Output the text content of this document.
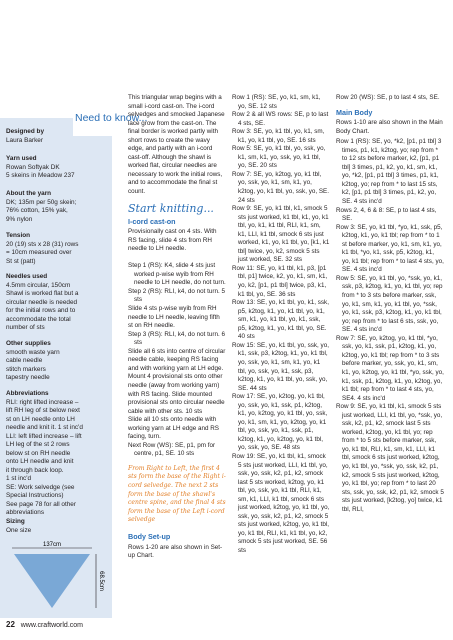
Need to know...
Designed by
Laura Barker
Yarn used
Rowan Softyak DK
5 skeins in Meadow 237
About the yarn
DK; 135m per 50g skein;
76% cotton, 15% yak,
9% nylon
Tension
20 (19) sts x 28 (31) rows
= 10cm measured over
St st (patt)
Needles used
4.5mm circular, 150cm
Shawl is worked flat but a
circular needle is needed
for the initial rows and to
accommodate the total
number of sts
Other supplies
smooth waste yarn
cable needle
stitch markers
tapestry needle
Abbreviations
RLI: right lifted increase –
lift RH leg of st below next
st on LH needle onto LH
needle and knit it. 1 st inc'd
LLI: left lifted increase – lift
LH leg of the st 2 rows
below st on RH needle
onto LH needle and knit
it through back loop.
1 st inc'd
SE: Work selvedge (see
Special Instructions)
See page 78 for all other
abbreviations
Sizing
One size
137cm
68.5cm

This triangular wrap begins with a small i-cord cast-on. The i-cord selvedges and smocked Japanese lace grow from the cast-on. The final border is worked partly with short rows to create the wavy edge, and partly with an i-cord cast-off. Although the shawl is worked flat, circular needles are necessary to work the initial rows, and to accommodate the final st count.

Start knitting...
I-cord cast-on

Provisionally cast on 4 sts. With RS facing, slide 4 sts from RH needle to LH needle.

Step 1 (RS): K4, slide 4 sts just worked p-wise wyib from RH needle to LH needle, do not turn.

Step 2 (RS): RLI, k4, do not turn. 5 sts

Slide 4 sts p-wise wyib from RH needle to LH needle, leaving fifth st on RH needle.

Step 3 (RS): RLI, k4, do not turn. 6 sts

Slide all 6 sts into centre of circular needle cable, keeping RS facing and with working yarn at LH edge. Mount 4 provisional sts onto other needle (away from working yarn) with RS facing. Slide mounted provisional sts onto circular needle cable with other sts. 10 sts

Slide all 10 sts onto needle with working yarn at LH edge and RS facing, turn.

Next Row (WS): SE, p1, pm for centre, p1, SE. 10 sts

From Right to Left, the first 4 sts form the base of the Right i-cord selvedge. The next 2 sts form the base of the shawl's centre spine, and the final 4 sts form the base of the Left i-cord selvedge

Body Set-up

Rows 1-20 are also shown in Set-up Chart.

Row 1 (RS): SE, yo, k1, sm, k1, yo, SE. 12 sts

Row 2 & all WS rows: SE, p to last 4 sts, SE.

Row 3: SE, yo, k1 tbl, yo, k1, sm, k1, yo, k1 tbl, yo, SE. 16 sts

Row 5: SE, yo, k1 tbl, yo, ssk, yo, k1, sm, k1, yo, ssk, yo, k1 tbl, yo, SE. 20 sts

Row 7: SE, yo, k2tog, yo, k1 tbl, yo, ssk, yo, k1, sm, k1, yo, k2tog, yo, k1 tbl, yo, ssk, yo, SE. 24 sts

Row 9: SE, yo, k1 tbl, k1, smock 5 sts just worked, k1 tbl, k1, yo, k1 tbl, yo, k1, k1 tbl, RLI, k1, sm, k1, LLI, k1 tbl, smock 6 sts just worked, k1, yo, k1 tbl, yo, [k1, k1 tbl] twice, yo, k2, smock 5 sts just worked, SE. 32 sts

Row 11: SE, yo, k1 tbl, k1, p3, [p1 tbl, p1] twice, k2, yo, k1, sm, k1, yo, k2, [p1, p1 tbl] twice, p3, k1, k1 tbl, yo, SE. 36 sts

Row 13: SE, yo, k1 tbl, yo, k1, ssk, p5, k2tog, k1, yo, k1 tbl, yo, k1, sm, k1, yo, k1 tbl, yo, k1, ssk, p5, k2tog, k1, yo, k1 tbl, yo, SE. 40 sts

Row 15: SE, yo, k1 tbl, yo, ssk, yo, k1, ssk, p3, k2tog, k1, yo, k1 tbl, yo, ssk, yo, k1, sm, k1, yo, k1 tbl, yo, ssk, yo, k1, ssk, p3, k2tog, k1, yo, k1 tbl, yo, ssk, yo, SE. 44 sts

Row 17: SE, yo, k2tog, yo, k1 tbl, yo, ssk, yo, k1, ssk, p1, k2tog, k1, yo, k2tog, yo, k1 tbl, yo, ssk, yo, k1, sm, k1, yo, k2tog, yo, k1 tbl, yo, ssk, yo, k1, ssk, p1, k2tog, k1, yo, k2tog, yo, k1 tbl, yo, ssk, yo, SE. 48 sts

Row 19: SE, yo, k1 tbl, k1, smock 5 sts just worked, LLI, k1 tbl, yo, ssk, yo, ssk, k2, p1, k2, smock last 5 sts worked, k2tog, yo, k1 tbl, yo, ssk, yo, k1 tbl, RLI, k1, sm, k1, LLI, k1 tbl, smock 6 sts just worked, k2tog, yo, k1 tbl, yo, ssk, yo, ssk, k2, p1, k2, smock 5 sts just worked, k2tog, yo, k1 tbl, yo, k1 tbl, RLI, k1, k1 tbl, yo, k2, smock 5 sts just worked, SE. 56 sts

Row 20 (WS): SE, p to last 4 sts, SE.

Main Body

Rows 1-10 are also shown in the Main Body Chart.

Row 1 (RS): SE, yo, *k2, [p1, p1 tbl] 3 times, p1, k1, k2tog, yo; rep from * to 12 sts before marker, k2, [p1, p1 tbl] 3 times, p1, k2, yo, k1, sm, k1, yo, *k2, [p1, p1 tbl] 3 times, p1, k1, k2tog, yo; rep from * to last 15 sts, k2, [p1, p1 tbl] 3 times, p1, k2, yo, SE. 4 sts inc'd

Rows 2, 4, 6 & 8: SE, p to last 4 sts, SE.

Row 3: SE, yo, k1 tbl, *yo, k1, ssk, p5, k2tog, k1, yo, k1 tbl; rep from * to 1 st before marker, yo, k1, sm, k1, yo, k1 tbl, *yo, k1, ssk, p5, k2tog, k1, yo, k1 tbl; rep from * to last 4 sts, yo, SE. 4 sts inc'd

Row 5: SE, yo, k1 tbl, yo, *ssk, yo, k1, ssk, p3, k2tog, k1, yo, k1 tbl, yo; rep from * to 3 sts before marker, ssk, yo, k1, sm, k1, yo, k1 tbl, yo, *ssk, yo, k1, ssk, p3, k2tog, k1, yo, k1 tbl, yo; rep from * to last 6 sts, ssk, yo, SE. 4 sts inc'd

Row 7: SE, yo, k2tog, yo, k1 tbl, *yo, ssk, yo, k1, ssk, p1, k2tog, k1, yo, k2tog, yo, k1 tbl; rep from * to 3 sts before marker, yo, ssk, yo, k1, sm, k1, yo, k2tog, yo, k1 tbl, *yo, ssk, yo, k1, ssk, p1, k2tog, k1, yo, k2tog, yo, k1 tbl; rep from * to last 4 sts, yo, SE4. 4 sts inc'd

Row 9: SE, yo, k1 tbl, k1, smock 5 sts just worked, LLI, k1 tbl, yo, *ssk, yo, ssk, k2, p1, k2, smock last 5 sts worked, k2tog, yo, k1 tbl, yo; rep from * to 5 sts before marker, ssk, yo, k1 tbl, RLI, k1, sm, k1, LLI, k1 tbl, smock 6 sts just worked, k2tog, yo, k1 tbl, yo, *ssk, yo, ssk, k2, p1, k2, smock 5 sts just worked, k2tog, yo, k1 tbl, yo; rep from * to last 20 sts, ssk, yo, ssk, k2, p1, k2, smock 5 sts just worked, [k2tog, yo] twice, k1 tbl, RLI,

22 www.craftworld.com
